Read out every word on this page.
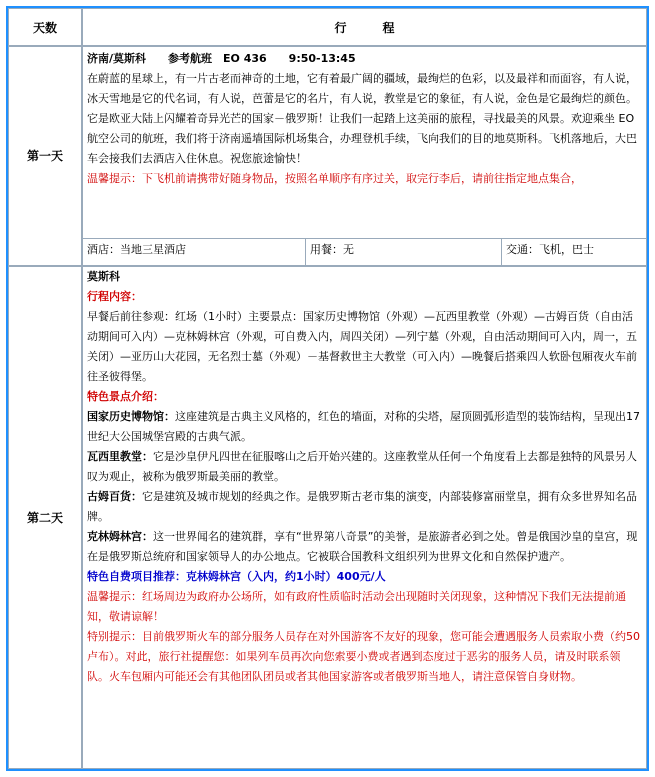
天数	行　　　程
第一天

济南/莫斯科　　参考航班　EO 436　　9:50-13:45

在蔚蓝的星球上，有一片古老而神奇的土地，它有着最广阔的疆域，最绚烂的色彩，以及最祥和而面容，有人说，冰天雪地是它的代名词，有人说，芭蕾是它的名片，有人说，教堂是它的象征，有人说，金色是它最绚烂的颜色。它是欧亚大陆上闪耀着奇异光芒的国家－俄罗斯！让我们一起踏上这美丽的旅程，寻找最美的风景。欢迎乘坐 EO 航空公司的航班，我们将于济南遥墙国际机场集合，办理登机手续，飞向我们的目的地莫斯科。飞机落地后，大巴车会接我们去酒店入住休息。祝您旅途愉快！

温馨提示：下飞机前请携带好随身物品，按照名单顺序有序过关，取完行李后，请前往指定地点集合，

酒店：当地三星酒店	用餐：无	交通：飞机，巴士
第二天

莫斯科

行程内容：

早餐后前往参观：红场（1小时）主要景点：国家历史博物馆（外观）—瓦西里教堂（外观）—古姆百货（自由活动期间可入内）—克林姆林宫（外观，可自费入内，周四关闭）—列宁墓（外观，自由活动期间可入内，周一，五关闭）—亚历山大花园，无名烈士墓（外观）－基督救世主大教堂（可入内）—晚餐后搭乘四人软卧包厢夜火车前往圣彼得堡。

特色景点介绍：

国家历史博物馆：这座建筑是古典主义风格的，红色的墙面，对称的尖塔，屋顶圆弧形造型的装饰结构，呈现出17世纪大公国城堡宫殿的古典气派。

瓦西里教堂：它是沙皇伊凡四世在征服喀山之后开始兴建的。这座教堂从任何一个角度看上去都是独特的风景另人叹为观止，被称为俄罗斯最美丽的教堂。

古姆百货：它是建筑及城市规划的经典之作。是俄罗斯古老市集的演变，内部装修富丽堂皇，拥有众多世界知名品牌。

克林姆林宫：这一世界闻名的建筑群，享有“世界第八奇景”的美誉，是旅游者必到之处。曾是俄国沙皇的皇宫，现在是俄罗斯总统府和国家领导人的办公地点。它被联合国教科文组织列为世界文化和自然保护遗产。

特色自费项目推荐：克林姆林宫（入内，约1小时）400元/人

温馨提示：红场周边为政府办公场所，如有政府性质临时活动会出现随时关闭现象，这种情况下我们无法提前通知，敬请谅解！

特别提示：目前俄罗斯火车的部分服务人员存在对外国游客不友好的现象，您可能会遭遇服务人员索取小费（约50卢布）。对此，旅行社提醒您：如果列车员再次向您索要小费或者遇到态度过于恶劣的服务人员，请及时联系领队。火车包厢内可能还会有其他团队团员或者其他国家游客或者俄罗斯当地人，请注意保管自身财物。
